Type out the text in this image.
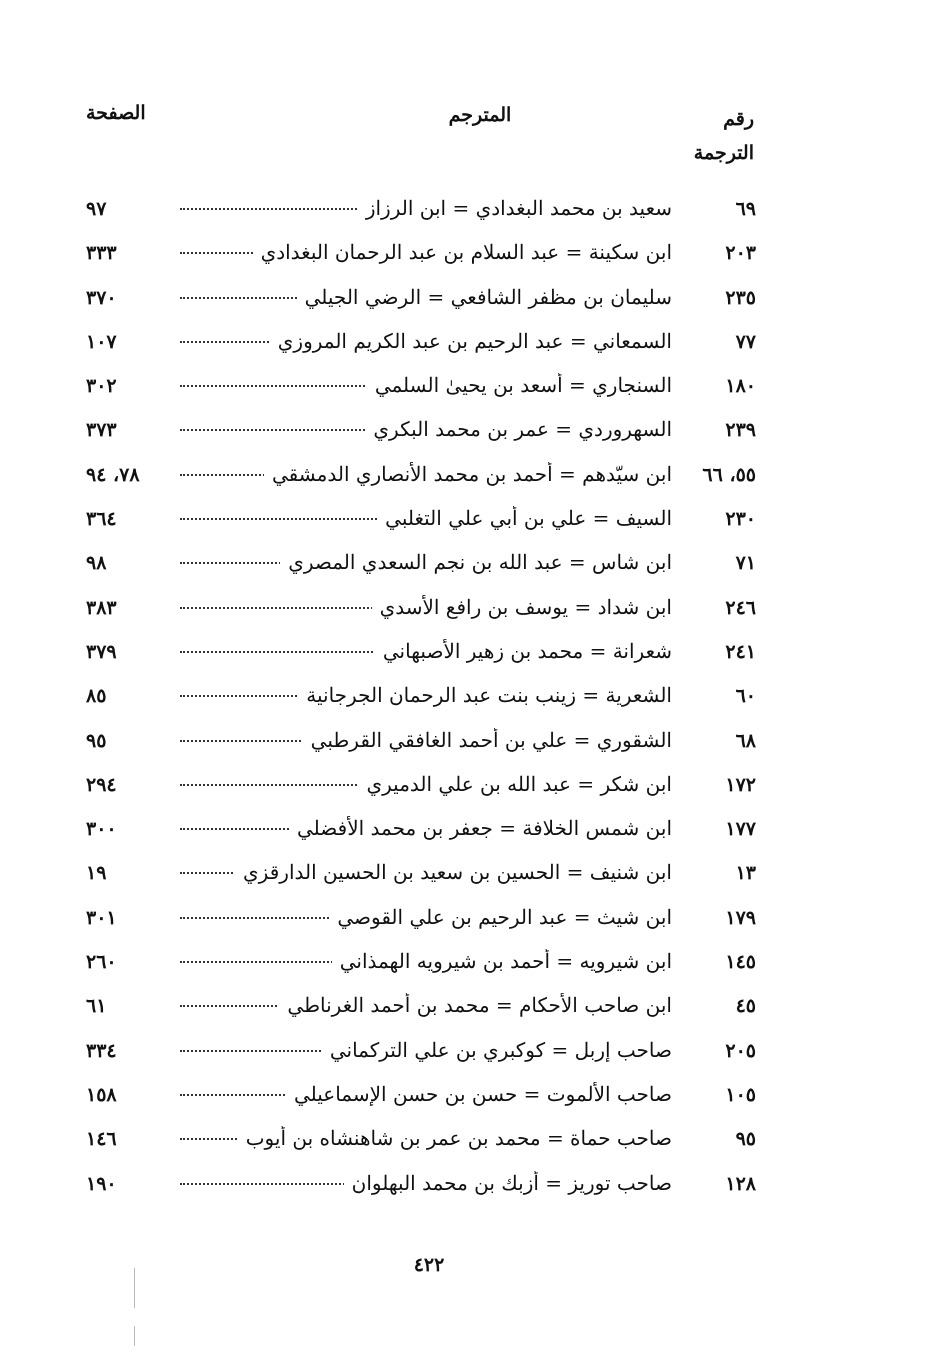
رقم الترجمة
المترجم
الصفحة
٦٩
سعيد بن محمد البغدادي = ابن الرزاز
٩٧
٢٠٣
ابن سكينة = عبد السلام بن عبد الرحمان البغدادي
٣٣٣
٢٣٥
سليمان بن مظفر الشافعي = الرضي الجيلي
٣٧٠
٧٧
السمعاني = عبد الرحيم بن عبد الكريم المروزي
١٠٧
١٨٠
السنجاري = أسعد بن يحيىٰ السلمي
٣٠٢
٢٣٩
السهروردي = عمر بن محمد البكري
٣٧٣
٥٥، ٦٦
ابن سيّدهم = أحمد بن محمد الأنصاري الدمشقي
٧٨، ٩٤
٢٣٠
السيف = علي بن أبي علي التغلبي
٣٦٤
٧١
ابن شاس = عبد الله بن نجم السعدي المصري
٩٨
٢٤٦
ابن شداد = يوسف بن رافع الأسدي
٣٨٣
٢٤١
شعرانة = محمد بن زهير الأصبهاني
٣٧٩
٦٠
الشعرية = زينب بنت عبد الرحمان الجرجانية
٨٥
٦٨
الشقوري = علي بن أحمد الغافقي القرطبي
٩٥
١٧٢
ابن شكر = عبد الله بن علي الدميري
٢٩٤
١٧٧
ابن شمس الخلافة = جعفر بن محمد الأفضلي
٣٠٠
١٣
ابن شنيف = الحسين بن سعيد بن الحسين الدارقزي
١٩
١٧٩
ابن شيث = عبد الرحيم بن علي القوصي
٣٠١
١٤٥
ابن شيرويه = أحمد بن شيرويه الهمذاني
٢٦٠
٤٥
ابن صاحب الأحكام = محمد بن أحمد الغرناطي
٦١
٢٠٥
صاحب إربل = كوكبري بن علي التركماني
٣٣٤
١٠٥
صاحب الألموت = حسن بن حسن الإسماعيلي
١٥٨
٩٥
صاحب حماة = محمد بن عمر بن شاهنشاه بن أيوب
١٤٦
١٢٨
صاحب توريز = أزبك بن محمد البهلوان
١٩٠
٤٢٢
